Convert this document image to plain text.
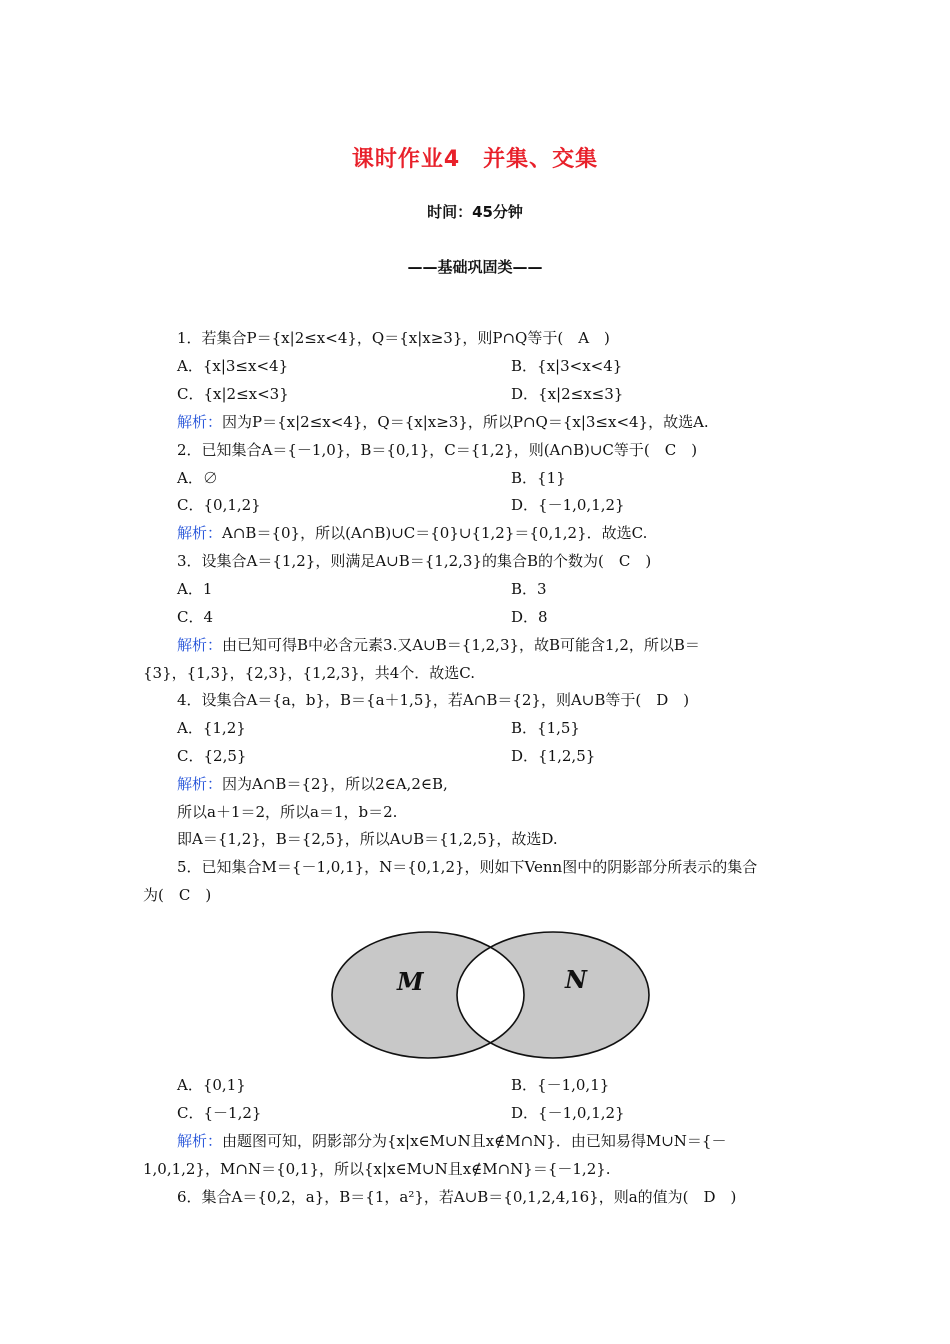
课时作业4　并集、交集
时间：45分钟
——基础巩固类——
1．若集合P＝{x|2≤x<4}，Q＝{x|x≥3}，则P∩Q等于(　A　)
A．{x|3≤x<4}	B．{x|3<x<4}
C．{x|2≤x<3}	D．{x|2≤x≤3}
解析：因为P＝{x|2≤x<4}，Q＝{x|x≥3}，所以P∩Q＝{x|3≤x<4}，故选A.
2．已知集合A＝{－1,0}，B＝{0,1}，C＝{1,2}，则(A∩B)∪C等于(　C　)
A．∅	B．{1}
C．{0,1,2}	D．{－1,0,1,2}
解析：A∩B＝{0}，所以(A∩B)∪C＝{0}∪{1,2}＝{0,1,2}．故选C.
3．设集合A＝{1,2}，则满足A∪B＝{1,2,3}的集合B的个数为(　C　)
A．1	B．3
C．4	D．8
解析：由已知可得B中必含元素3.又A∪B＝{1,2,3}，故B可能含1,2，所以B＝
{3}，{1,3}，{2,3}，{1,2,3}，共4个．故选C.
4．设集合A＝{a，b}，B＝{a＋1,5}，若A∩B＝{2}，则A∪B等于(　D　)
A．{1,2}	B．{1,5}
C．{2,5}	D．{1,2,5}
解析：因为A∩B＝{2}，所以2∈A,2∈B,
所以a＋1＝2，所以a＝1，b＝2.
即A＝{1,2}，B＝{2,5}，所以A∪B＝{1,2,5}，故选D.
5．已知集合M＝{－1,0,1}，N＝{0,1,2}，则如下Venn图中的阴影部分所表示的集合
为(　C　)
M	N
A．{0,1}	B．{－1,0,1}
C．{－1,2}	D．{－1,0,1,2}
解析：由题图可知，阴影部分为{x|x∈M∪N且x∉M∩N}．由已知易得M∪N＝{－
1,0,1,2}，M∩N＝{0,1}，所以{x|x∈M∪N且x∉M∩N}＝{－1,2}.
6．集合A＝{0,2，a}，B＝{1，a²}，若A∪B＝{0,1,2,4,16}，则a的值为(　D　)
